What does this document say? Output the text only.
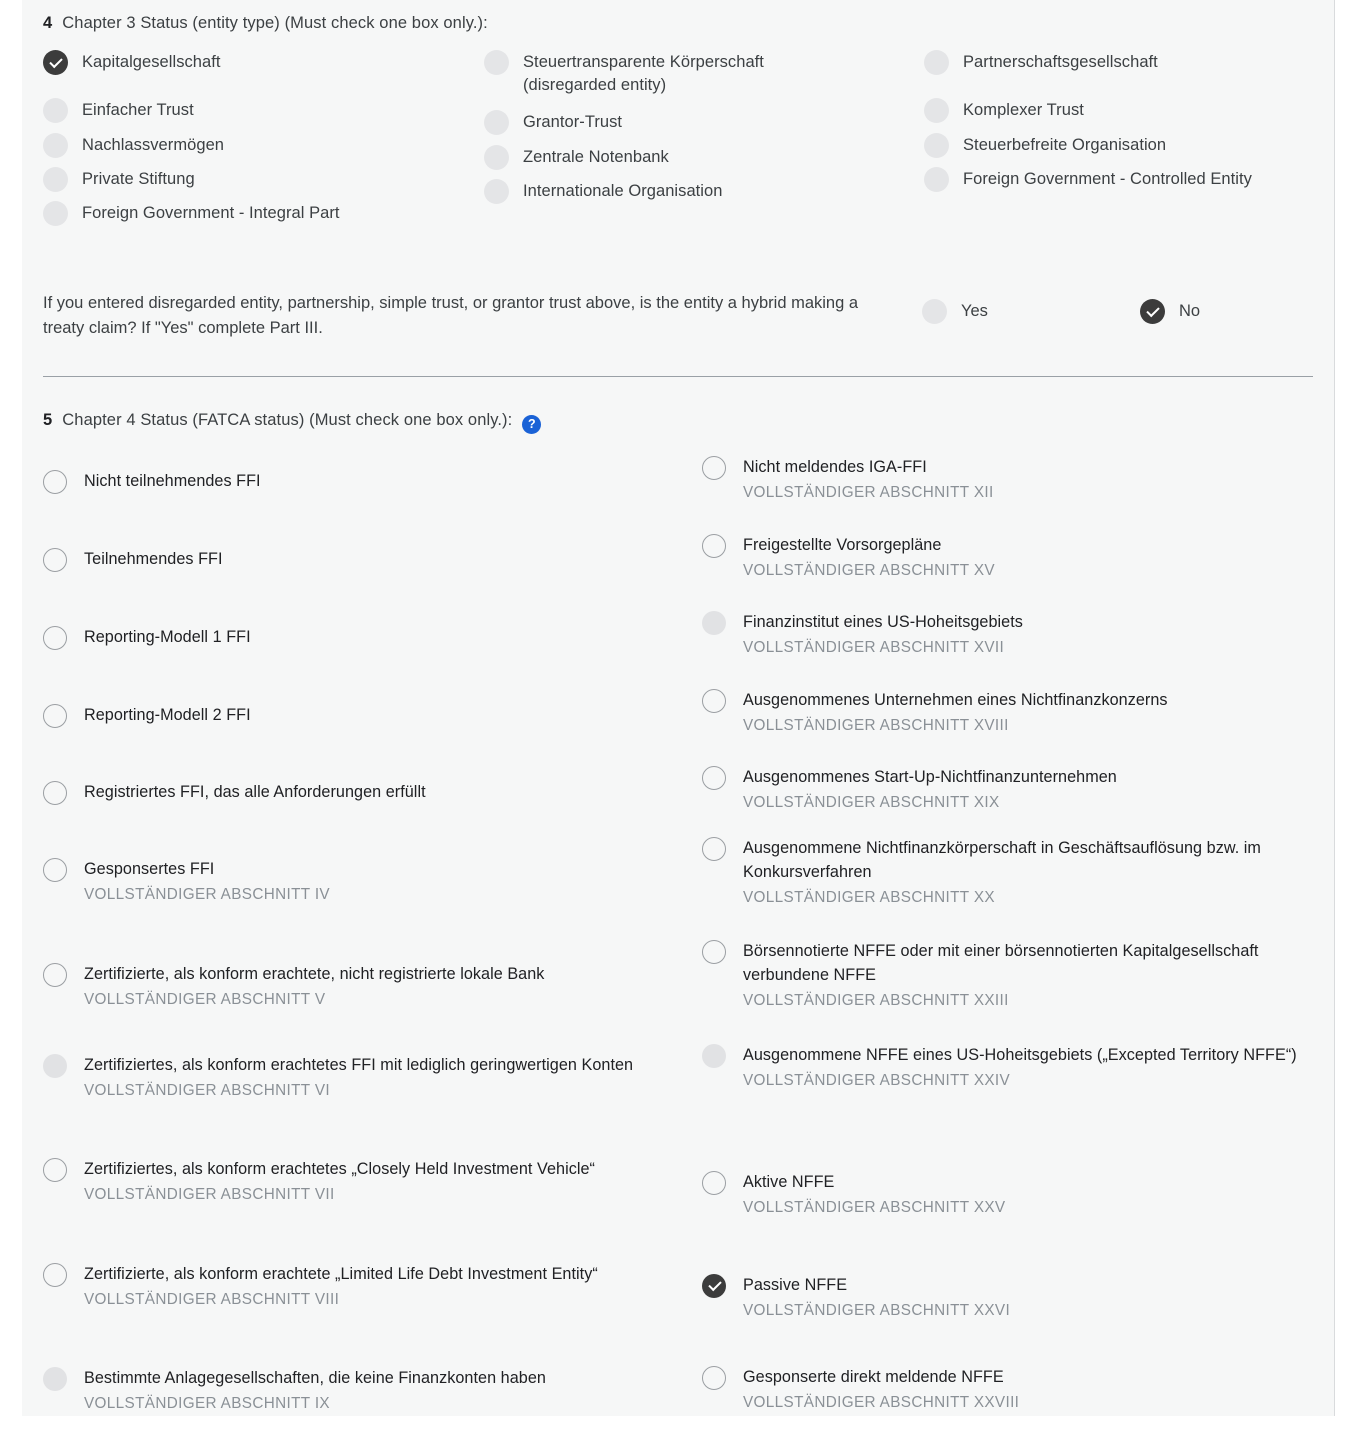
4 Chapter 3 Status (entity type) (Must check one box only.):
Kapitalgesellschaft
Einfacher Trust
Nachlassvermögen
Private Stiftung
Foreign Government - Integral Part
Steuertransparente Körperschaft (disregarded entity)
Grantor-Trust
Zentrale Notenbank
Internationale Organisation
Partnerschaftsgesellschaft
Komplexer Trust
Steuerbefreite Organisation
Foreign Government - Controlled Entity
If you entered disregarded entity, partnership, simple trust, or grantor trust above, is the entity a hybrid making a treaty claim? If "Yes" complete Part III.
Yes	No
5 Chapter 4 Status (FATCA status) (Must check one box only.):	?
Nicht teilnehmendes FFI
Teilnehmendes FFI
Reporting-Modell 1 FFI
Reporting-Modell 2 FFI
Registriertes FFI, das alle Anforderungen erfüllt
Gesponsertes FFI
VOLLSTÄNDIGER ABSCHNITT IV
Zertifizierte, als konform erachtete, nicht registrierte lokale Bank
VOLLSTÄNDIGER ABSCHNITT V
Zertifiziertes, als konform erachtetes FFI mit lediglich geringwertigen Konten
VOLLSTÄNDIGER ABSCHNITT VI
Zertifiziertes, als konform erachtetes „Closely Held Investment Vehicle“
VOLLSTÄNDIGER ABSCHNITT VII
Zertifizierte, als konform erachtete „Limited Life Debt Investment Entity“
VOLLSTÄNDIGER ABSCHNITT VIII
Bestimmte Anlagegesellschaften, die keine Finanzkonten haben
VOLLSTÄNDIGER ABSCHNITT IX
Nicht meldendes IGA-FFI
VOLLSTÄNDIGER ABSCHNITT XII
Freigestellte Vorsorgepläne
VOLLSTÄNDIGER ABSCHNITT XV
Finanzinstitut eines US-Hoheitsgebiets
VOLLSTÄNDIGER ABSCHNITT XVII
Ausgenommenes Unternehmen eines Nichtfinanzkonzerns
VOLLSTÄNDIGER ABSCHNITT XVIII
Ausgenommenes Start-Up-Nichtfinanzunternehmen
VOLLSTÄNDIGER ABSCHNITT XIX
Ausgenommene Nichtfinanzkörperschaft in Geschäftsauflösung bzw. im Konkursverfahren
VOLLSTÄNDIGER ABSCHNITT XX
Börsennotierte NFFE oder mit einer börsennotierten Kapitalgesellschaft verbundene NFFE
VOLLSTÄNDIGER ABSCHNITT XXIII
Ausgenommene NFFE eines US-Hoheitsgebiets („Excepted Territory NFFE“)
VOLLSTÄNDIGER ABSCHNITT XXIV
Aktive NFFE
VOLLSTÄNDIGER ABSCHNITT XXV
Passive NFFE
VOLLSTÄNDIGER ABSCHNITT XXVI
Gesponserte direkt meldende NFFE
VOLLSTÄNDIGER ABSCHNITT XXVIII
